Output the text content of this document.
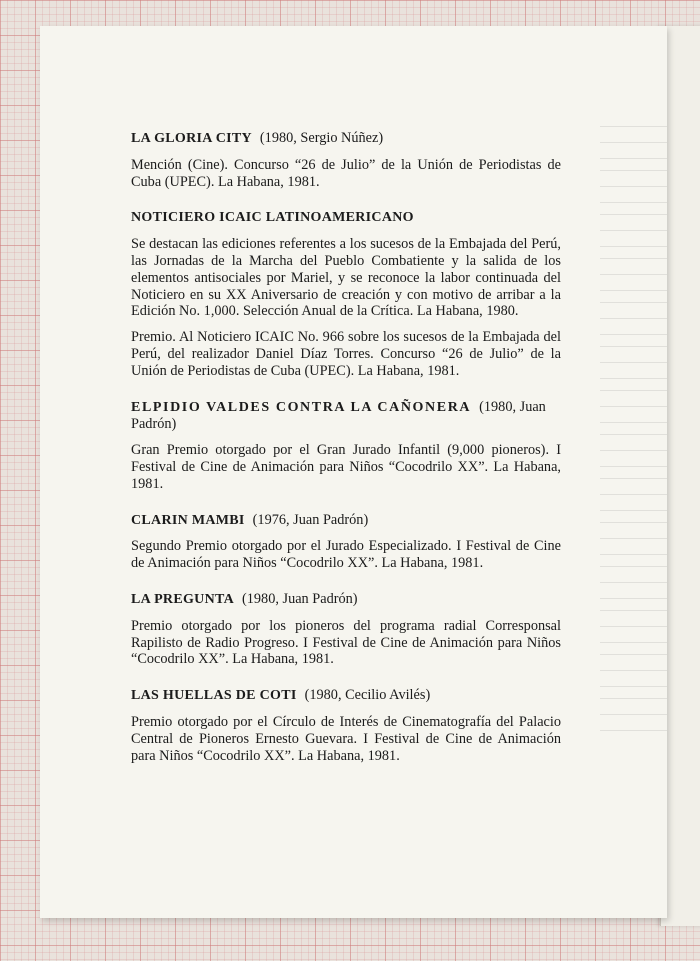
LA GLORIA CITY (1980, Sergio Núñez)

Mención (Cine). Concurso “26 de Julio” de la Unión de Periodistas de Cuba (UPEC). La Habana, 1981.

NOTICIERO ICAIC LATINOAMERICANO

Se destacan las ediciones referentes a los sucesos de la Embajada del Perú, las Jornadas de la Marcha del Pueblo Combatiente y la salida de los elementos antisociales por Mariel, y se reconoce la labor continuada del Noticiero en su XX Aniversario de creación y con motivo de arribar a la Edición No. 1,000. Selección Anual de la Crítica. La Habana, 1980.

Premio. Al Noticiero ICAIC No. 966 sobre los sucesos de la Embajada del Perú, del realizador Daniel Díaz Torres. Concurso “26 de Julio” de la Unión de Periodistas de Cuba (UPEC). La Habana, 1981.

ELPIDIO VALDES CONTRA LA CAÑONERA (1980, Juan Padrón)

Gran Premio otorgado por el Gran Jurado Infantil (9,000 pioneros). I Festival de Cine de Animación para Niños “Cocodrilo XX”. La Habana, 1981.

CLARIN MAMBI (1976, Juan Padrón)

Segundo Premio otorgado por el Jurado Especializado. I Festival de Cine de Animación para Niños “Cocodrilo XX”. La Habana, 1981.

LA PREGUNTA (1980, Juan Padrón)

Premio otorgado por los pioneros del programa radial Corresponsal Rapilisto de Radio Progreso. I Festival de Cine de Animación para Niños “Cocodrilo XX”. La Habana, 1981.

LAS HUELLAS DE COTI (1980, Cecilio Avilés)

Premio otorgado por el Círculo de Interés de Cinematografía del Palacio Central de Pioneros Ernesto Guevara. I Festival de Cine de Animación para Niños “Cocodrilo XX”. La Habana, 1981.
